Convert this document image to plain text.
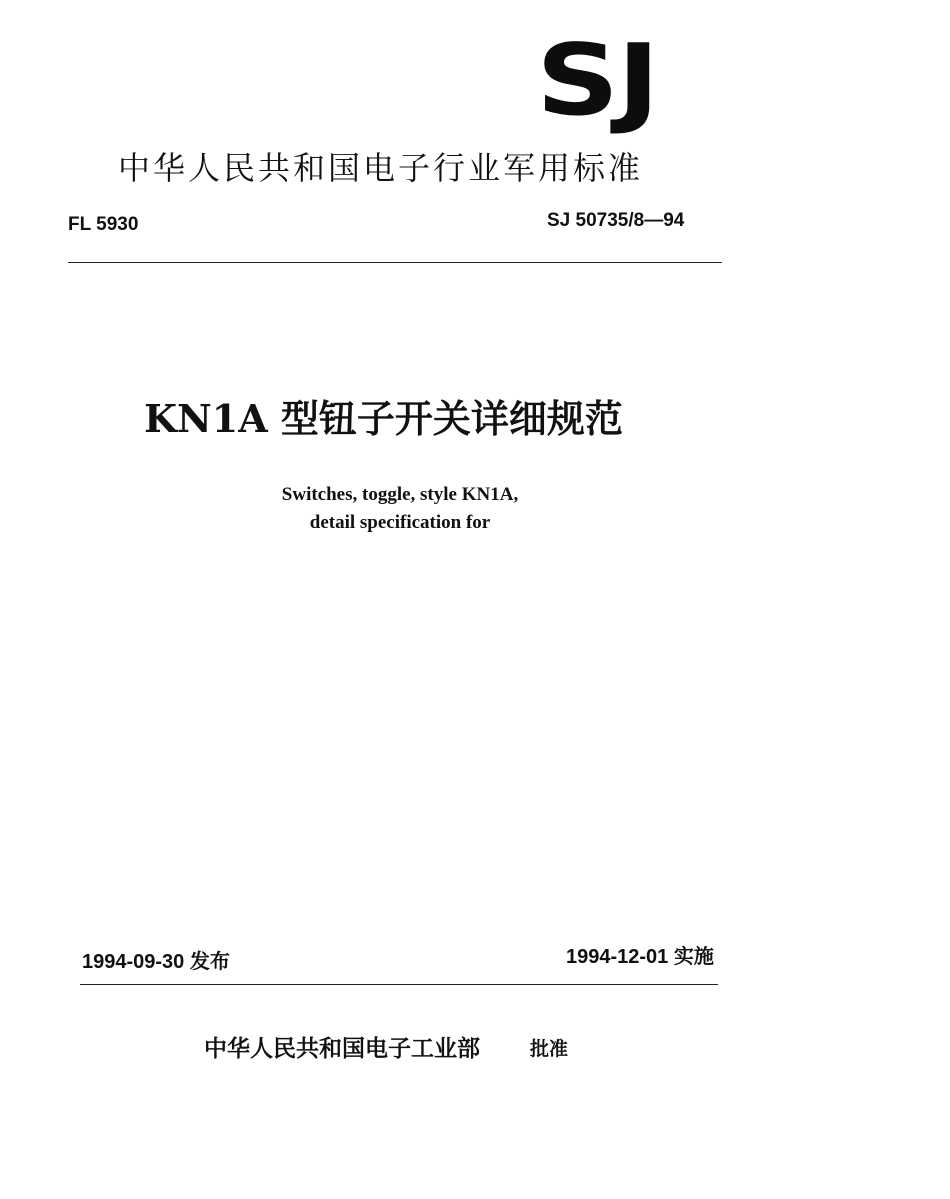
SJ
中华人民共和国电子行业军用标准
FL 5930	SJ 50735/8—94
KN1A 型钮子开关详细规范
Switches, toggle, style KN1A,
detail specification for
1994-09-30 发布	1994-12-01 实施
中华人民共和国电子工业部	批准
